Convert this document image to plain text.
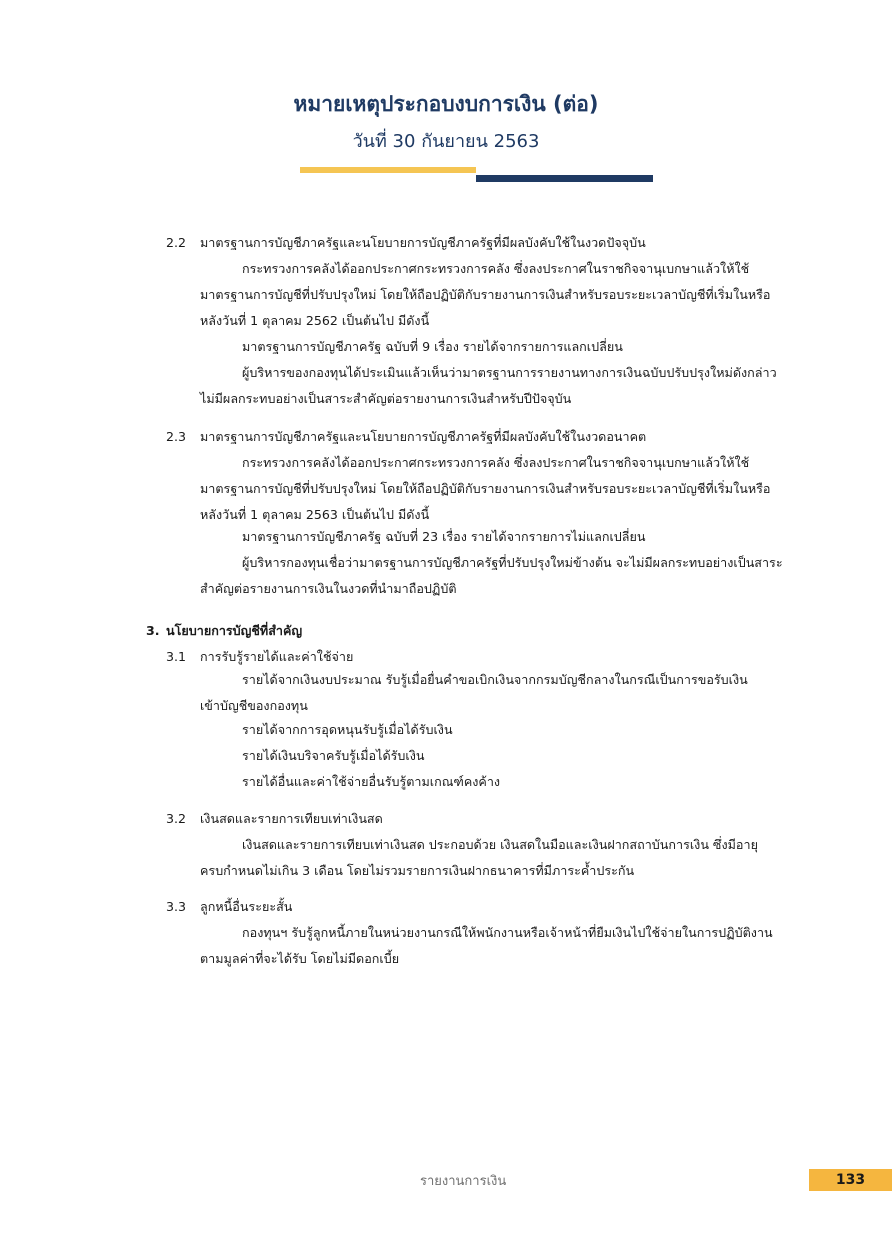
หมายเหตุประกอบงบการเงิน (ต่อ)
วันที่ 30 กันยายน 2563
2.2 มาตรฐานการบัญชีภาครัฐและนโยบายการบัญชีภาครัฐที่มีผลบังคับใช้ในงวดปัจจุบัน
กระทรวงการคลังได้ออกประกาศกระทรวงการคลัง ซึ่งลงประกาศในราชกิจจานุเบกษาแล้วให้ใช้
มาตรฐานการบัญชีที่ปรับปรุงใหม่ โดยให้ถือปฏิบัติกับรายงานการเงินสำหรับรอบระยะเวลาบัญชีที่เริ่มในหรือ
หลังวันที่ 1 ตุลาคม 2562 เป็นต้นไป มีดังนี้
มาตรฐานการบัญชีภาครัฐ ฉบับที่ 9 เรื่อง รายได้จากรายการแลกเปลี่ยน
ผู้บริหารของกองทุนได้ประเมินแล้วเห็นว่ามาตรฐานการรายงานทางการเงินฉบับปรับปรุงใหม่ดังกล่าว
ไม่มีผลกระทบอย่างเป็นสาระสำคัญต่อรายงานการเงินสำหรับปีปัจจุบัน
2.3 มาตรฐานการบัญชีภาครัฐและนโยบายการบัญชีภาครัฐที่มีผลบังคับใช้ในงวดอนาคต
กระทรวงการคลังได้ออกประกาศกระทรวงการคลัง ซึ่งลงประกาศในราชกิจจานุเบกษาแล้วให้ใช้
มาตรฐานการบัญชีที่ปรับปรุงใหม่ โดยให้ถือปฏิบัติกับรายงานการเงินสำหรับรอบระยะเวลาบัญชีที่เริ่มในหรือ
หลังวันที่ 1 ตุลาคม 2563 เป็นต้นไป มีดังนี้
มาตรฐานการบัญชีภาครัฐ ฉบับที่ 23 เรื่อง รายได้จากรายการไม่แลกเปลี่ยน
ผู้บริหารกองทุนเชื่อว่ามาตรฐานการบัญชีภาครัฐที่ปรับปรุงใหม่ข้างต้น จะไม่มีผลกระทบอย่างเป็นสาระ
สำคัญต่อรายงานการเงินในงวดที่นำมาถือปฏิบัติ
3. นโยบายการบัญชีที่สำคัญ
3.1 การรับรู้รายได้และค่าใช้จ่าย
รายได้จากเงินงบประมาณ รับรู้เมื่อยื่นคำขอเบิกเงินจากกรมบัญชีกลางในกรณีเป็นการขอรับเงิน
เข้าบัญชีของกองทุน
รายได้จากการอุดหนุนรับรู้เมื่อได้รับเงิน
รายได้เงินบริจาครับรู้เมื่อได้รับเงิน
รายได้อื่นและค่าใช้จ่ายอื่นรับรู้ตามเกณฑ์คงค้าง
3.2 เงินสดและรายการเทียบเท่าเงินสด
เงินสดและรายการเทียบเท่าเงินสด ประกอบด้วย เงินสดในมือและเงินฝากสถาบันการเงิน ซึ่งมีอายุ
ครบกำหนดไม่เกิน 3 เดือน โดยไม่รวมรายการเงินฝากธนาคารที่มีภาระค้ำประกัน
3.3 ลูกหนี้อื่นระยะสั้น
กองทุนฯ รับรู้ลูกหนี้ภายในหน่วยงานกรณีให้พนักงานหรือเจ้าหน้าที่ยืมเงินไปใช้จ่ายในการปฏิบัติงาน
ตามมูลค่าที่จะได้รับ โดยไม่มีดอกเบี้ย
รายงานการเงิน	133
